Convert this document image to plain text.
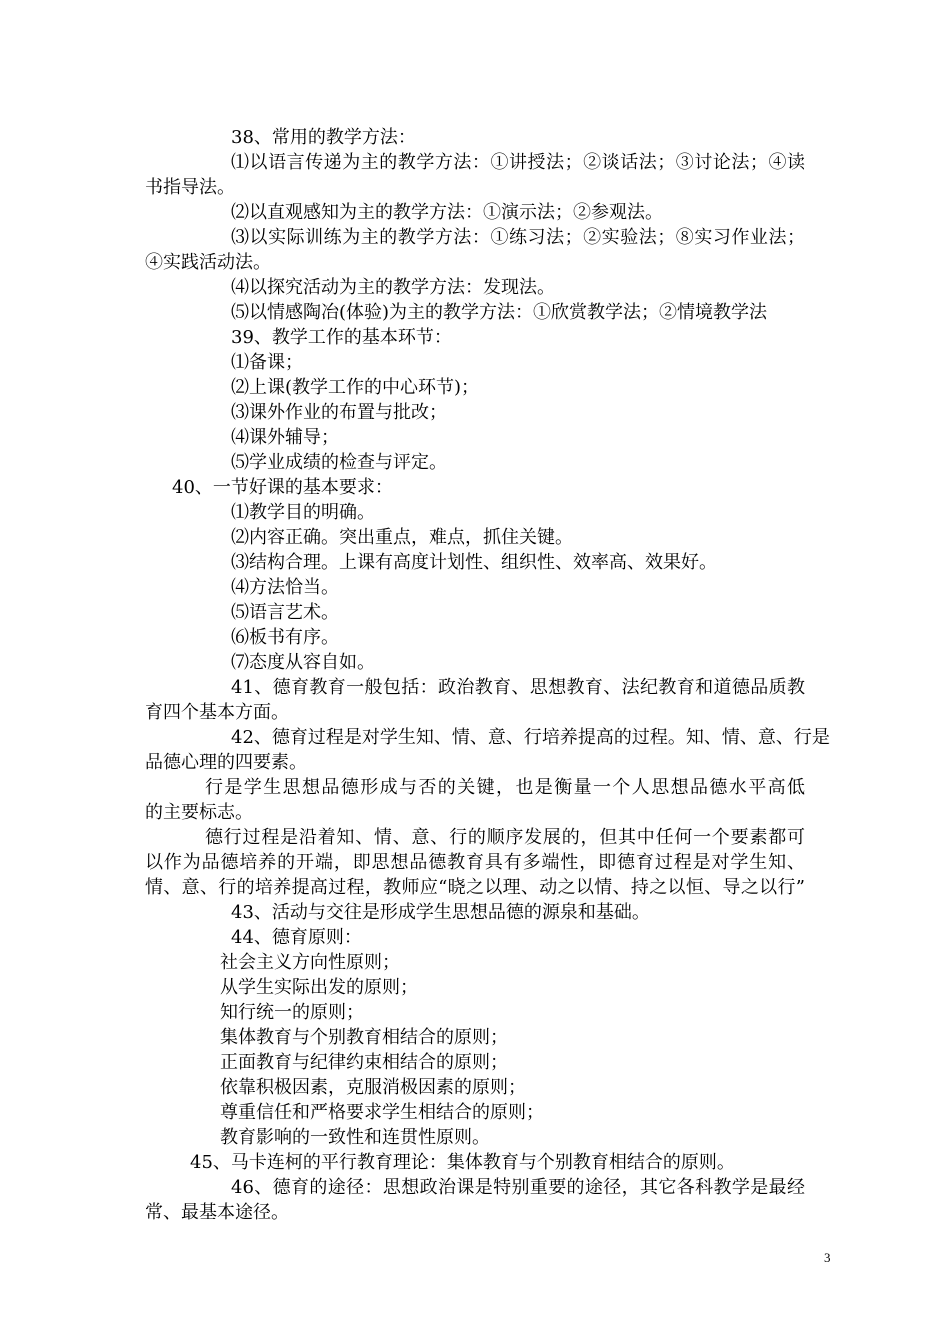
38、常用的教学方法：
⑴以语言传递为主的教学方法：①讲授法；②谈话法；③讨论法；④读
书指导法。
⑵以直观感知为主的教学方法：①演示法；②参观法。
⑶以实际训练为主的教学方法：①练习法；②实验法；⑧实习作业法；
④实践活动法。
⑷以探究活动为主的教学方法：发现法。
⑸以情感陶冶(体验)为主的教学方法：①欣赏教学法；②情境教学法
39、教学工作的基本环节：
⑴备课；
⑵上课(教学工作的中心环节)；
⑶课外作业的布置与批改；
⑷课外辅导；
⑸学业成绩的检查与评定。
40、一节好课的基本要求：
⑴教学目的明确。
⑵内容正确。突出重点，难点，抓住关键。
⑶结构合理。上课有高度计划性、组织性、效率高、效果好。
⑷方法恰当。
⑸语言艺术。
⑹板书有序。
⑺态度从容自如。
41、德育教育一般包括：政治教育、思想教育、法纪教育和道德品质教
育四个基本方面。
42、德育过程是对学生知、情、意、行培养提高的过程。知、情、意、行是
品德心理的四要素。
行是学生思想品德形成与否的关键，也是衡量一个人思想品德水平高低
的主要标志。
德行过程是沿着知、情、意、行的顺序发展的，但其中任何一个要素都可
以作为品德培养的开端，即思想品德教育具有多端性，即德育过程是对学生知、
情、意、行的培养提高过程，教师应“晓之以理、动之以情、持之以恒、导之以行”
43、活动与交往是形成学生思想品德的源泉和基础。
44、德育原则：
社会主义方向性原则；
从学生实际出发的原则；
知行统一的原则；
集体教育与个别教育相结合的原则；
正面教育与纪律约束相结合的原则；
依靠积极因素，克服消极因素的原则；
尊重信任和严格要求学生相结合的原则；
教育影响的一致性和连贯性原则。
45、马卡连柯的平行教育理论：集体教育与个别教育相结合的原则。
46、德育的途径：思想政治课是特别重要的途径，其它各科教学是最经
常、最基本途径。
3
